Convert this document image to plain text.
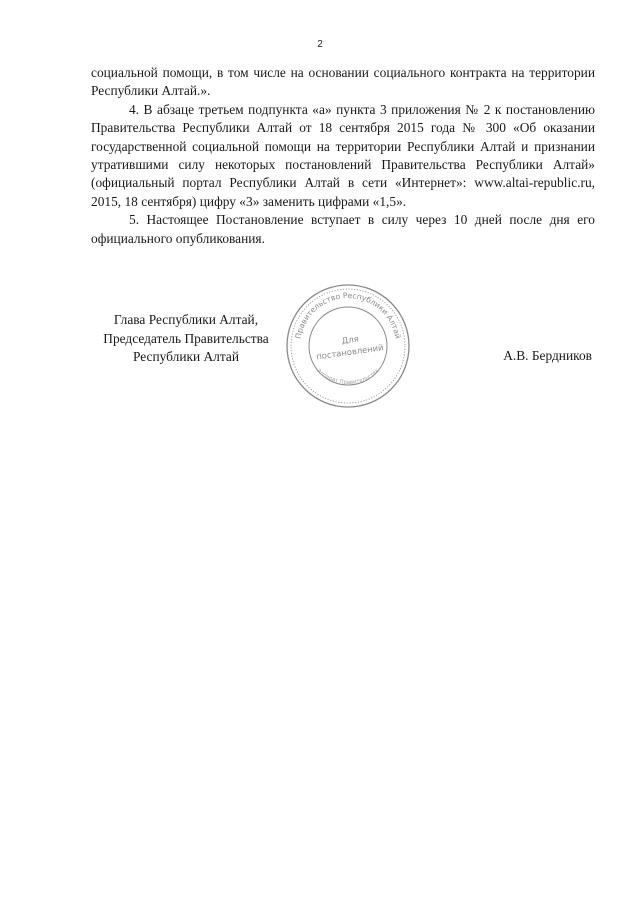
2

социальной помощи, в том числе на основании социального контракта на территории Республики Алтай.».

4. В абзаце третьем подпункта «а» пункта 3 приложения № 2 к постановлению Правительства Республики Алтай от 18 сентября 2015 года № 300 «Об оказании государственной социальной помощи на территории Республики Алтай и признании утратившими силу некоторых постановлений Правительства Республики Алтай» (официальный портал Республики Алтай в сети «Интернет»: www.altai-republic.ru, 2015, 18 сентября) цифру «3» заменить цифрами «1,5».

5. Настоящее Постановление вступает в силу через 10 дней после дня его официального опубликования.

Глава Республики Алтай,
Председатель Правительства
Республики Алтай
Правительство Республики Алтай
Аппарат Правительства
Для
постановлений	А.В. Бердников
